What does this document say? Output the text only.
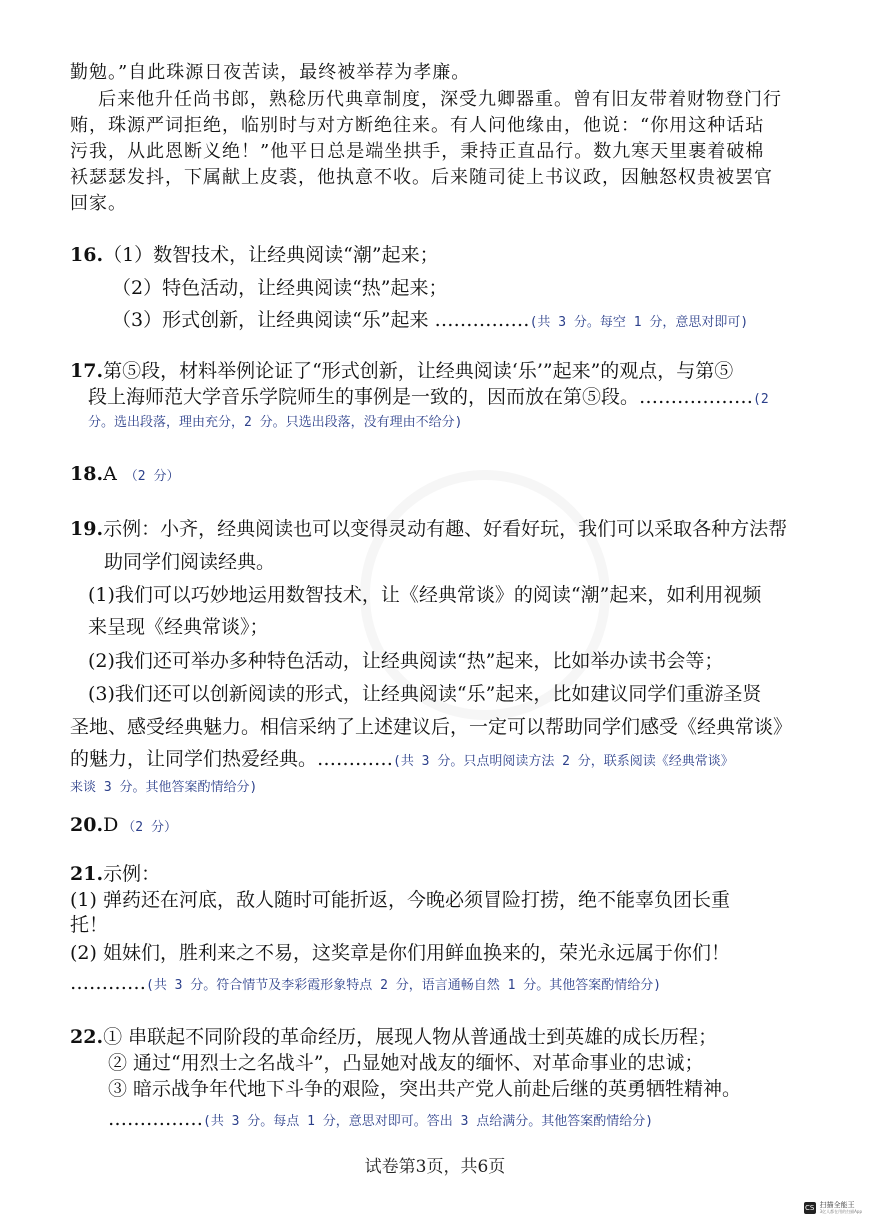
勤勉。”自此珠源日夜苦读，最终被举荐为孝廉。
后来他升任尚书郎，熟稔历代典章制度，深受九卿器重。曾有旧友带着财物登门行
贿，珠源严词拒绝，临别时与对方断绝往来。有人问他缘由，他说：“你用这种话玷
污我，从此恩断义绝！”他平日总是端坐拱手，秉持正直品行。数九寒天里裹着破棉
袄瑟瑟发抖，下属献上皮裘，他执意不收。后来随司徒上书议政，因触怒权贵被罢官
回家。
16.（1）数智技术，让经典阅读“潮”起来；
（2）特色活动，让经典阅读“热”起来；
（3）形式创新，让经典阅读“乐”起来 ……………(共 3 分。每空 1 分，意思对即可)
17.第⑤段，材料举例论证了“形式创新，让经典阅读‘乐’”起来”的观点，与第⑤
段上海师范大学音乐学院师生的事例是一致的，因而放在第⑤段。………………(2
分。选出段落，理由充分，2 分。只选出段落，没有理由不给分)
18.A （2 分）
19.示例：小齐，经典阅读也可以变得灵动有趣、好看好玩，我们可以采取各种方法帮
助同学们阅读经典。
(1)我们可以巧妙地运用数智技术，让《经典常谈》的阅读“潮”起来，如利用视频
来呈现《经典常谈》；
(2)我们还可举办多种特色活动，让经典阅读“热”起来，比如举办读书会等；
(3)我们还可以创新阅读的形式，让经典阅读“乐”起来，比如建议同学们重游圣贤
圣地、感受经典魅力。相信采纳了上述建议后，一定可以帮助同学们感受《经典常谈》
的魅力，让同学们热爱经典。…………(共 3 分。只点明阅读方法 2 分，联系阅读《经典常谈》
来谈 3 分。其他答案酌情给分)
20.D （2 分）
21.示例：
(1) 弹药还在河底，敌人随时可能折返，今晚必须冒险打捞，绝不能辜负团长重
托！
(2) 姐妹们，胜利来之不易，这奖章是你们用鲜血换来的，荣光永远属于你们！
…………(共 3 分。符合情节及李彩霞形象特点 2 分，语言通畅自然 1 分。其他答案酌情给分)
22.① 串联起不同阶段的革命经历，展现人物从普通战士到英雄的成长历程；
② 通过“用烈士之名战斗”，凸显她对战友的缅怀、对革命事业的忠诚；
③ 暗示战争年代地下斗争的艰险，突出共产党人前赴后继的英勇牺牲精神。
……………(共 3 分。每点 1 分，意思对即可。答出 3 点给满分。其他答案酌情给分)
试卷第3页，共6页
CS 扫描全能王
3亿人都在用的扫描App
